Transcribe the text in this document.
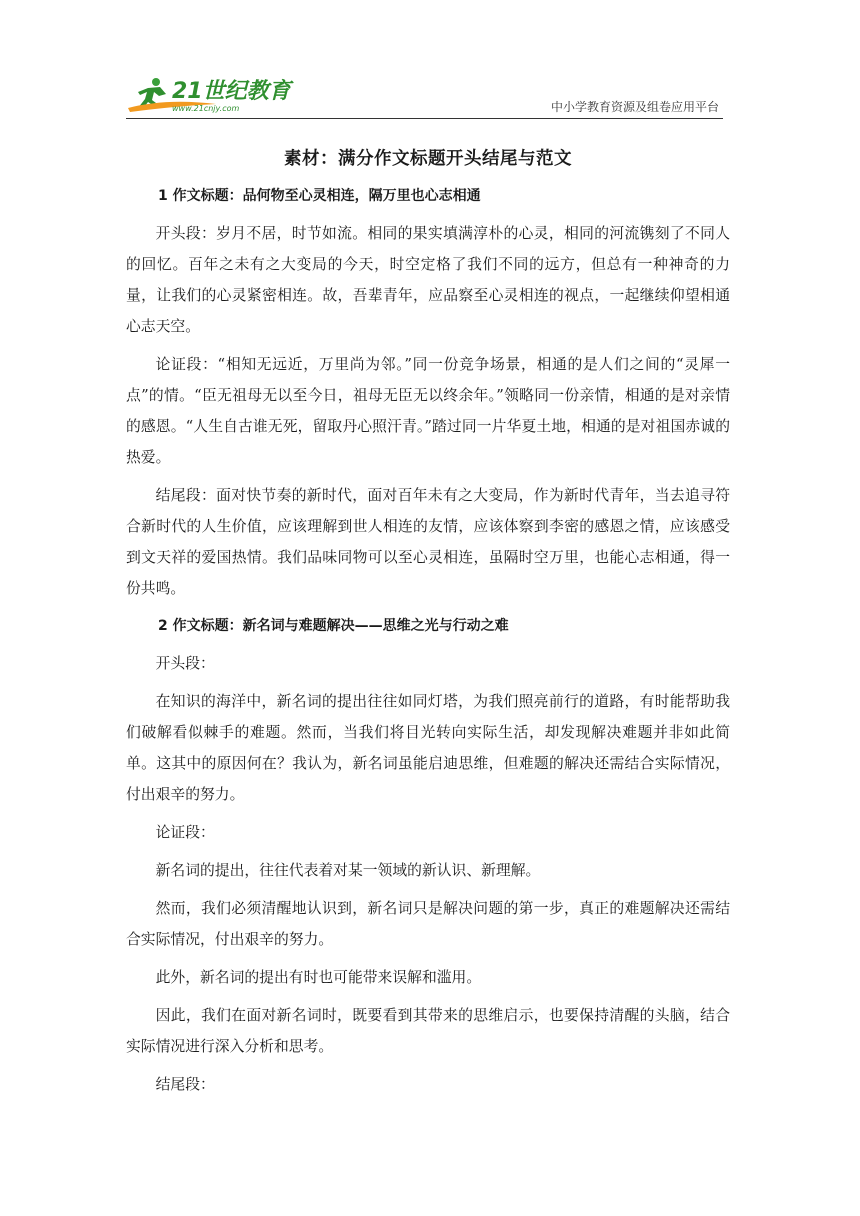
21世纪教育
www.21cnjy.com	中小学教育资源及组卷应用平台
素材：满分作文标题开头结尾与范文
1 作文标题：品何物至心灵相连，隔万里也心志相通

开头段：岁月不居，时节如流。相同的果实填满淳朴的心灵，相同的河流镌刻了不同人的回忆。百年之未有之大变局的今天，时空定格了我们不同的远方，但总有一种神奇的力量，让我们的心灵紧密相连。故，吾辈青年，应品察至心灵相连的视点，一起继续仰望相通心志天空。

论证段：“相知无远近，万里尚为邻。”同一份竞争场景，相通的是人们之间的“灵犀一点”的情。“臣无祖母无以至今日，祖母无臣无以终余年。”领略同一份亲情，相通的是对亲情的感恩。“人生自古谁无死，留取丹心照汗青。”踏过同一片华夏土地，相通的是对祖国赤诚的热爱。

结尾段：面对快节奏的新时代，面对百年未有之大变局，作为新时代青年，当去追寻符合新时代的人生价值，应该理解到世人相连的友情，应该体察到李密的感恩之情，应该感受到文天祥的爱国热情。我们品味同物可以至心灵相连，虽隔时空万里，也能心志相通，得一份共鸣。

2 作文标题：新名词与难题解决——思维之光与行动之难

开头段：

在知识的海洋中，新名词的提出往往如同灯塔，为我们照亮前行的道路，有时能帮助我们破解看似棘手的难题。然而，当我们将目光转向实际生活，却发现解决难题并非如此简单。这其中的原因何在？我认为，新名词虽能启迪思维，但难题的解决还需结合实际情况，付出艰辛的努力。

论证段：

新名词的提出，往往代表着对某一领域的新认识、新理解。

然而，我们必须清醒地认识到，新名词只是解决问题的第一步，真正的难题解决还需结合实际情况，付出艰辛的努力。

此外，新名词的提出有时也可能带来误解和滥用。

因此，我们在面对新名词时，既要看到其带来的思维启示，也要保持清醒的头脑，结合实际情况进行深入分析和思考。

结尾段：
